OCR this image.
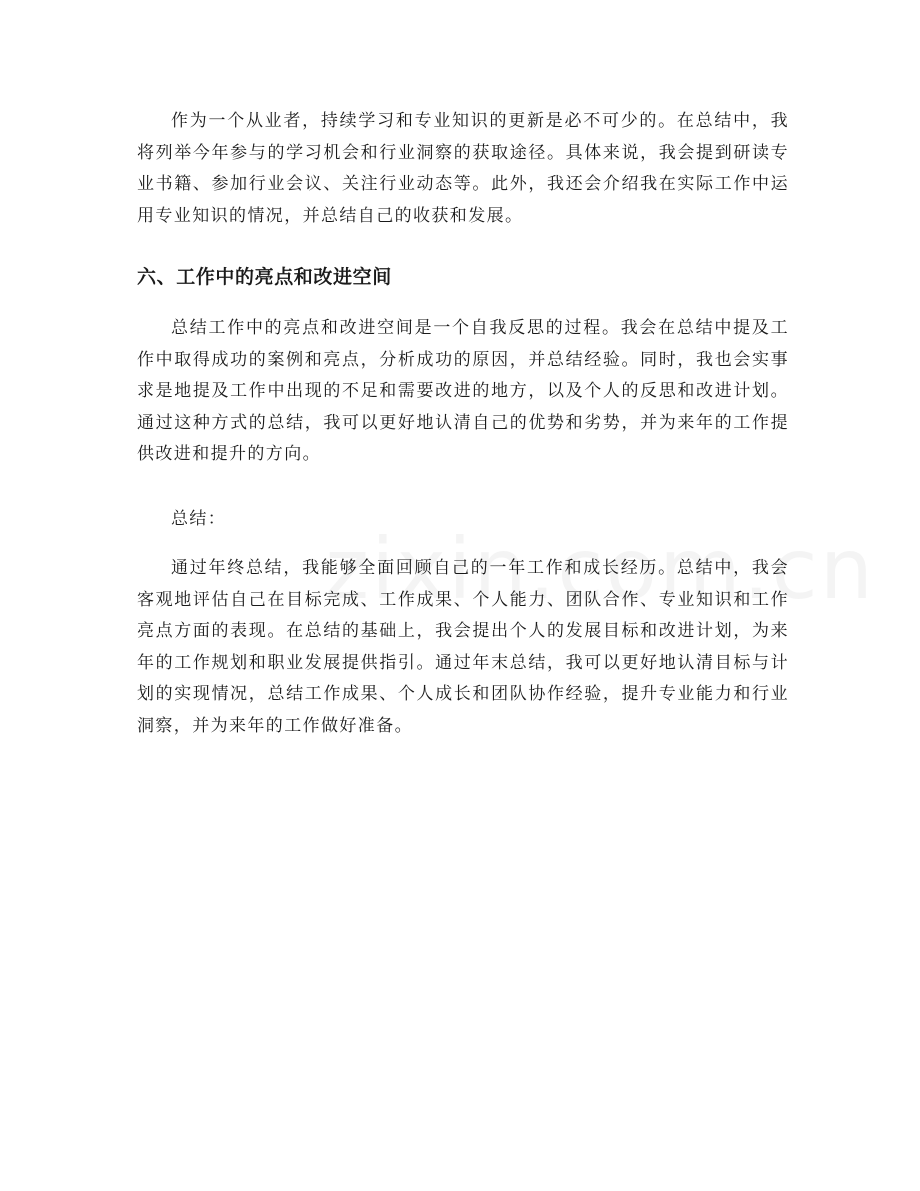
作为一个从业者，持续学习和专业知识的更新是必不可少的。在总结中，我将列举今年参与的学习机会和行业洞察的获取途径。具体来说，我会提到研读专业书籍、参加行业会议、关注行业动态等。此外，我还会介绍我在实际工作中运用专业知识的情况，并总结自己的收获和发展。

六、工作中的亮点和改进空间

总结工作中的亮点和改进空间是一个自我反思的过程。我会在总结中提及工作中取得成功的案例和亮点，分析成功的原因，并总结经验。同时，我也会实事求是地提及工作中出现的不足和需要改进的地方，以及个人的反思和改进计划。通过这种方式的总结，我可以更好地认清自己的优势和劣势，并为来年的工作提供改进和提升的方向。

总结：

通过年终总结，我能够全面回顾自己的一年工作和成长经历。总结中，我会客观地评估自己在目标完成、工作成果、个人能力、团队合作、专业知识和工作亮点方面的表现。在总结的基础上，我会提出个人的发展目标和改进计划，为来年的工作规划和职业发展提供指引。通过年末总结，我可以更好地认清目标与计划的实现情况，总结工作成果、个人成长和团队协作经验，提升专业能力和行业洞察，并为来年的工作做好准备。
